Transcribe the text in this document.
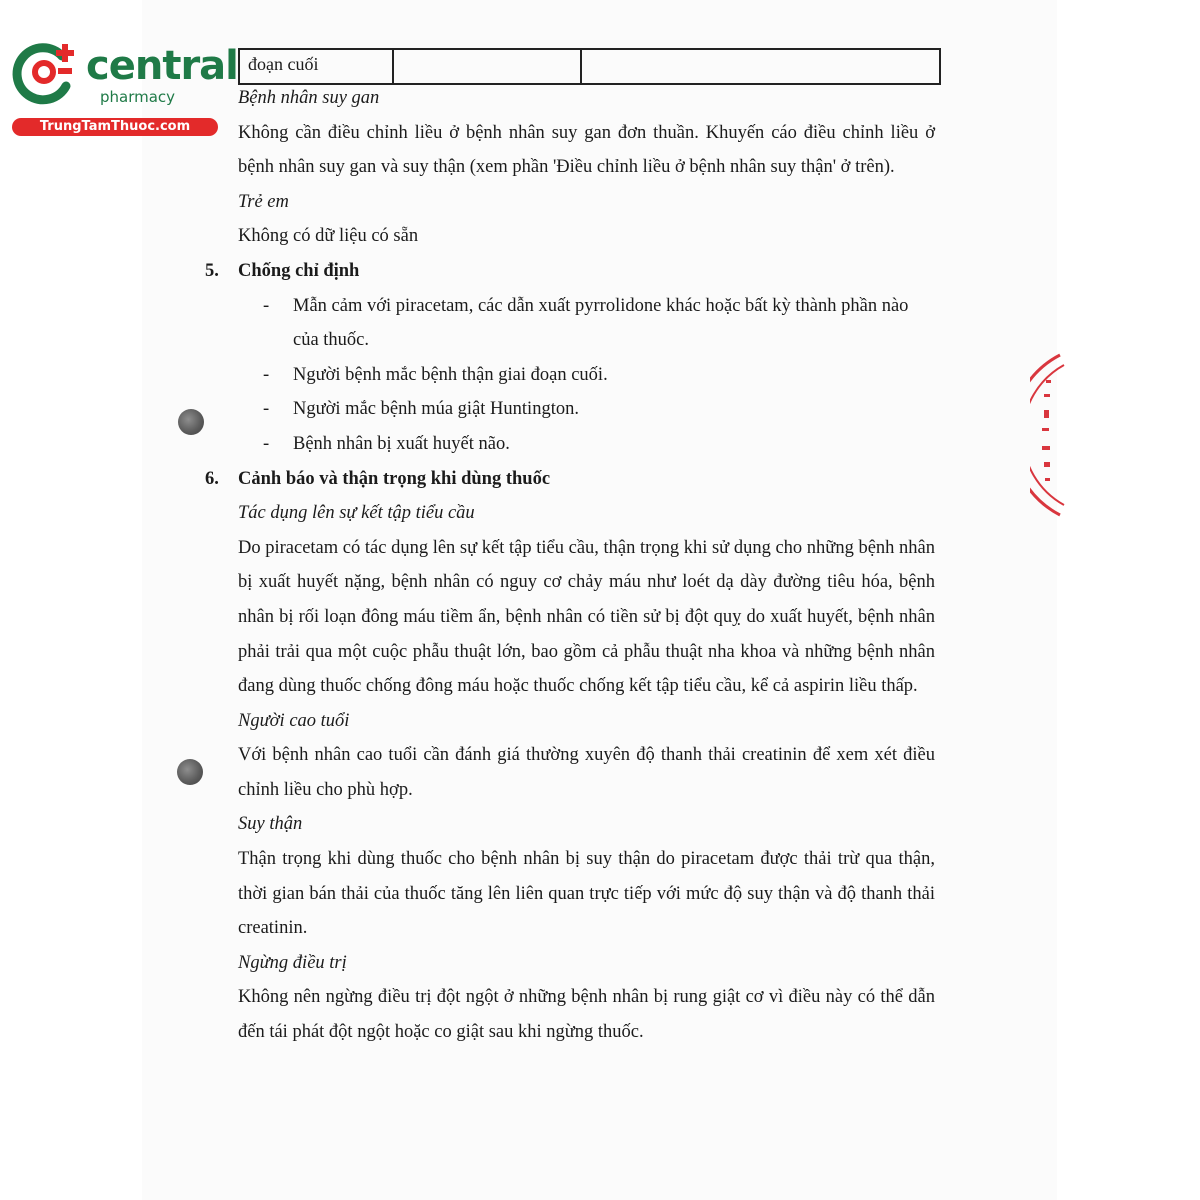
central
pharmacy
TrungTamThuoc.com
đoạn cuối		
Bệnh nhân suy gan
Không cần điều chỉnh liều ở bệnh nhân suy gan đơn thuần. Khuyến cáo điều chỉnh liều ở bệnh nhân suy gan và suy thận (xem phần 'Điều chỉnh liều ở bệnh nhân suy thận' ở trên).
Trẻ em
Không có dữ liệu có sẵn
5.	Chống chỉ định
-	Mẫn cảm với piracetam, các dẫn xuất pyrrolidone khác hoặc bất kỳ thành phần nào của thuốc.
-	Người bệnh mắc bệnh thận giai đoạn cuối.
-	Người mắc bệnh múa giật Huntington.
-	Bệnh nhân bị xuất huyết não.
6.	Cảnh báo và thận trọng khi dùng thuốc
Tác dụng lên sự kết tập tiểu cầu
Do piracetam có tác dụng lên sự kết tập tiểu cầu, thận trọng khi sử dụng cho những bệnh nhân bị xuất huyết nặng, bệnh nhân có nguy cơ chảy máu như loét dạ dày đường tiêu hóa, bệnh nhân bị rối loạn đông máu tiềm ẩn, bệnh nhân có tiền sử bị đột quỵ do xuất huyết, bệnh nhân phải trải qua một cuộc phẫu thuật lớn, bao gồm cả phẫu thuật nha khoa và những bệnh nhân đang dùng thuốc chống đông máu hoặc thuốc chống kết tập tiểu cầu, kể cả aspirin liều thấp.
Người cao tuổi
Với bệnh nhân cao tuổi cần đánh giá thường xuyên độ thanh thải creatinin để xem xét điều chỉnh liều cho phù hợp.
Suy thận
Thận trọng khi dùng thuốc cho bệnh nhân bị suy thận do piracetam được thải trừ qua thận, thời gian bán thải của thuốc tăng lên liên quan trực tiếp với mức độ suy thận và độ thanh thải creatinin.
Ngừng điều trị
Không nên ngừng điều trị đột ngột ở những bệnh nhân bị rung giật cơ vì điều này có thể dẫn đến tái phát đột ngột hoặc co giật sau khi ngừng thuốc.
